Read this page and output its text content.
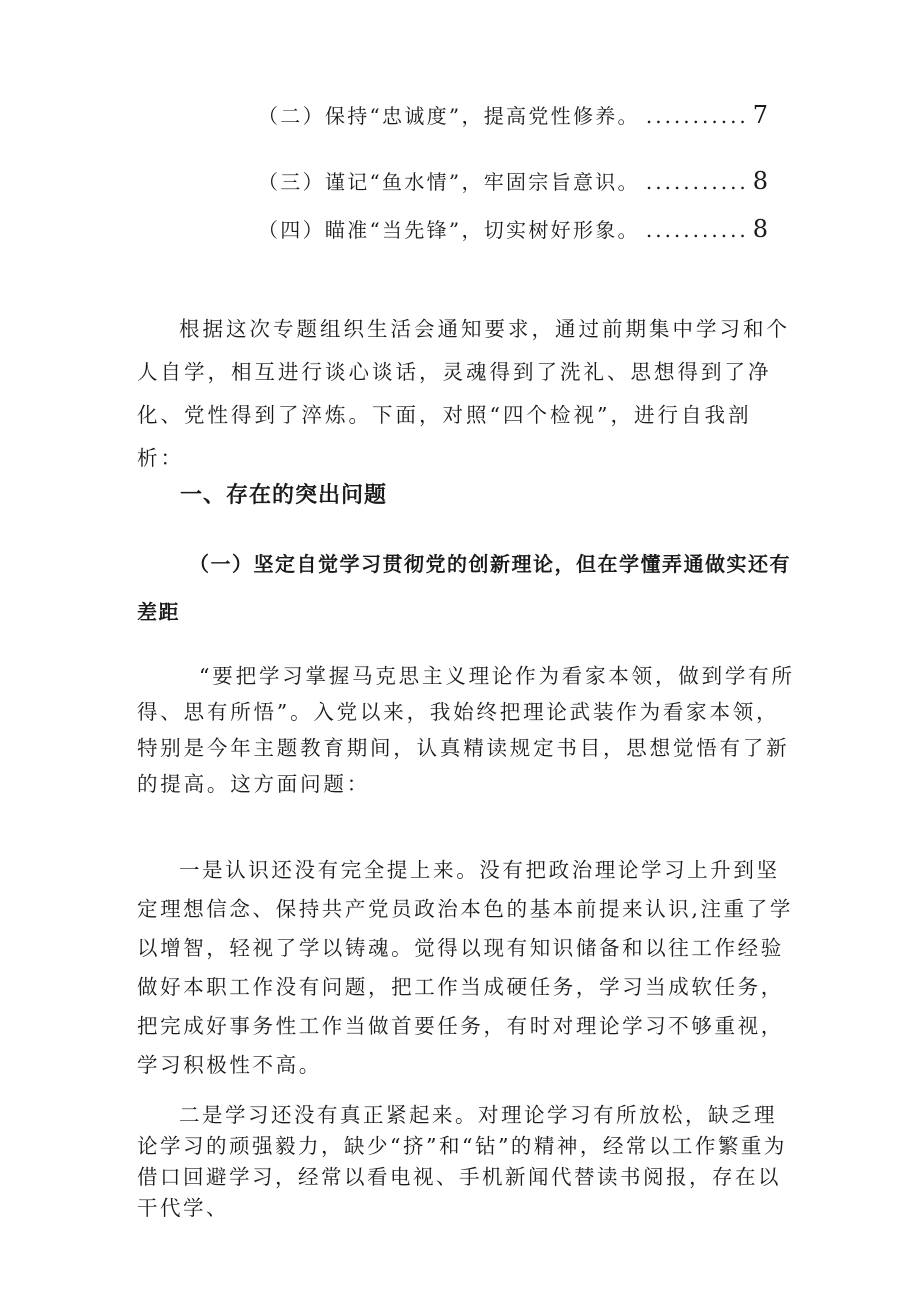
（二）保持“忠诚度”，提高党性修养。 ........... 7
（三）谨记“鱼水情”，牢固宗旨意识。 ........... 8
（四）瞄准“当先锋”，切实树好形象。 ........... 8

根据这次专题组织生活会通知要求，通过前期集中学习和个人自学，相互进行谈心谈话，灵魂得到了洗礼、思想得到了净化、党性得到了淬炼。下面，对照“四个检视”，进行自我剖析：

一、存在的突出问题
（一）坚定自觉学习贯彻党的创新理论，但在学懂弄通做实还有差距

“要把学习掌握马克思主义理论作为看家本领，做到学有所得、思有所悟”。入党以来，我始终把理论武装作为看家本领，特别是今年主题教育期间，认真精读规定书目，思想觉悟有了新的提高。这方面问题：

一是认识还没有完全提上来。没有把政治理论学习上升到坚定理想信念、保持共产党员政治本色的基本前提来认识,注重了学以增智，轻视了学以铸魂。觉得以现有知识储备和以往工作经验做好本职工作没有问题，把工作当成硬任务，学习当成软任务，把完成好事务性工作当做首要任务，有时对理论学习不够重视，学习积极性不高。

二是学习还没有真正紧起来。对理论学习有所放松，缺乏理论学习的顽强毅力，缺少“挤”和“钻”的精神，经常以工作繁重为借口回避学习，经常以看电视、手机新闻代替读书阅报，存在以干代学、
